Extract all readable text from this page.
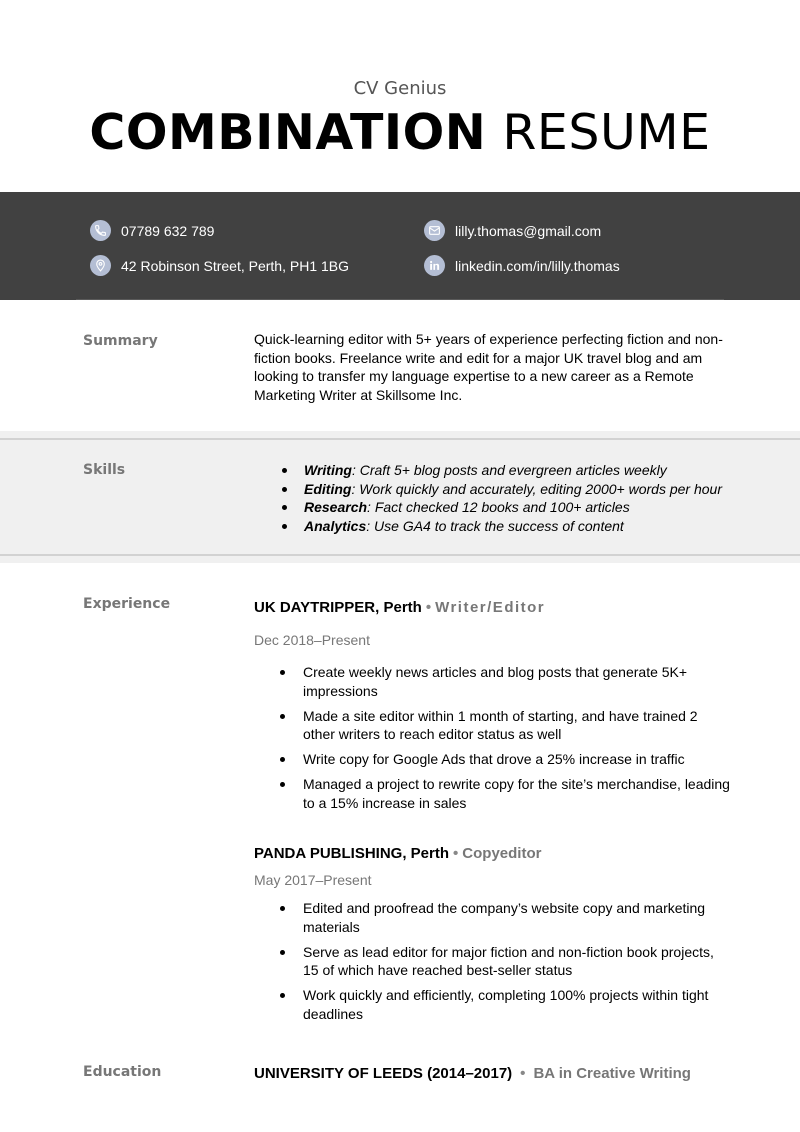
CV Genius
COMBINATION RESUME
07789 632 789
42 Robinson Street, Perth, PH1 1BG
lilly.thomas@gmail.com
linkedin.com/in/lilly.thomas
Summary	Quick-learning editor with 5+ years of experience perfecting fiction and non-fiction books. Freelance write and edit for a major UK travel blog and am looking to transfer my language expertise to a new career as a Remote Marketing Writer at Skillsome Inc.
Skills	Writing: Craft 5+ blog posts and evergreen articles weekly
Editing: Work quickly and accurately, editing 2000+ words per hour
Research: Fact checked 12 books and 100+ articles
Analytics: Use GA4 to track the success of content
Experience	UK DAYTRIPPER, Perth • Writer/Editor
Dec 2018–Present
Create weekly news articles and blog posts that generate 5K+ impressions
Made a site editor within 1 month of starting, and have trained 2 other writers to reach editor status as well
Write copy for Google Ads that drove a 25% increase in traffic
Managed a project to rewrite copy for the site’s merchandise, leading to a 15% increase in sales
PANDA PUBLISHING, Perth • Copyeditor
May 2017–Present
Edited and proofread the company’s website copy and marketing materials
Serve as lead editor for major fiction and non-fiction book projects, 15 of which have reached best-seller status
Work quickly and efficiently, completing 100% projects within tight deadlines
Education	UNIVERSITY OF LEEDS (2014–2017) • BA in Creative Writing
